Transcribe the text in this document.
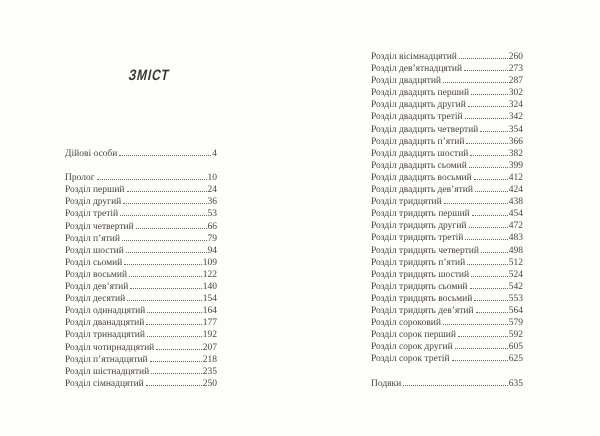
ЗМІСТ
Дійові особи	4
Пролог	10
Розділ перший	24
Розділ другий	36
Розділ третій	53
Розділ четвертий	66
Розділ п’ятий	79
Розділ шостий	94
Розділ сьомий	109
Розділ восьмий	122
Розділ дев’ятий	140
Розділ десятий	154
Розділ одинадцятий	164
Розділ дванадцятий	177
Розділ тринадцятий	192
Розділ чотирнадцятий	207
Розділ п’ятнадцятий	218
Розділ шістнадцятий	235
Розділ сімнадцятий	250
Розділ вісімнадцятий	260
Розділ дев’ятнадцятий	273
Розділ двадцятий	287
Розділ двадцять перший	302
Розділ двадцять другий	324
Розділ двадцять третій	342
Розділ двадцять четвертий	354
Розділ двадцять п’ятий	366
Розділ двадцять шостий	382
Розділ двадцять сьомий	399
Розділ двадцять восьмий	412
Розділ двадцять дев’ятий	424
Розділ тридцятий	438
Розділ тридцять перший	454
Розділ тридцять другий	472
Розділ тридцять третій	483
Розділ тридцять четвертий	498
Розділ тридцять п’ятий	512
Розділ тридцять шостий	524
Розділ тридцять сьомий	542
Розділ тридцять восьмий	553
Розділ тридцять дев’ятий	564
Розділ сороковий	579
Розділ сорок перший	592
Розділ сорок другий	605
Розділ сорок третій	625
Подяки	635
